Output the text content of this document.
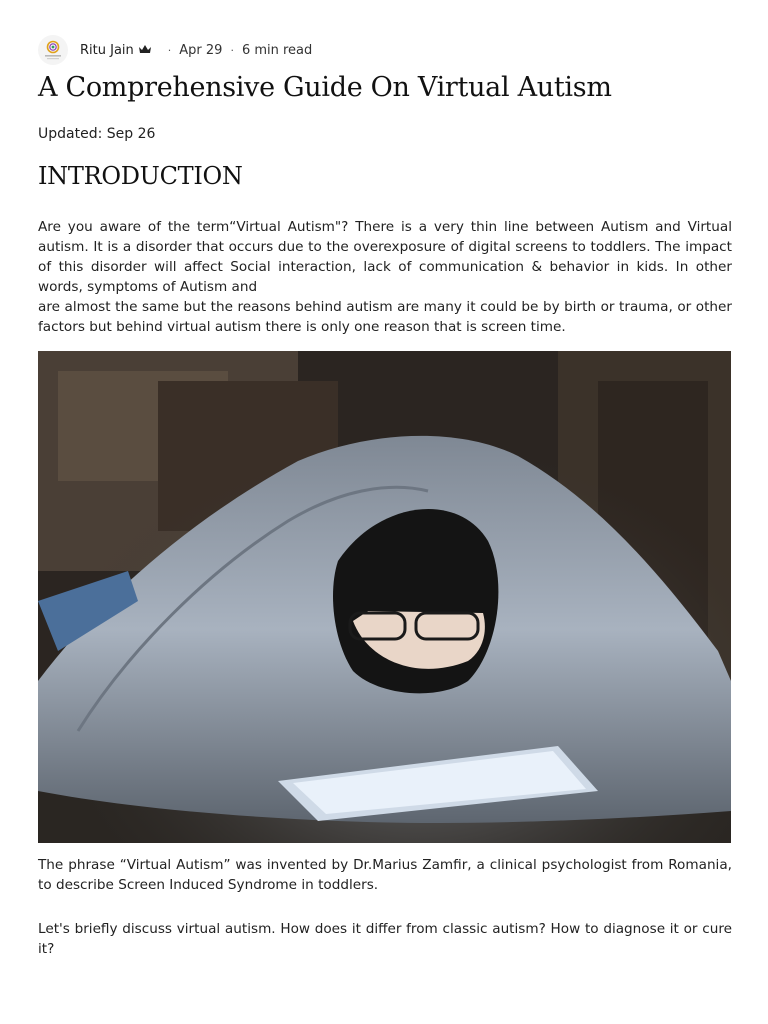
Ritu Jain	· Apr 29 · 6 min read
A Comprehensive Guide On Virtual Autism
Updated: Sep 26
INTRODUCTION

Are you aware of the term“Virtual Autism"? There is a very thin line between Autism and Virtual autism. It is a disorder that occurs due to the overexposure of digital screens to toddlers. The impact of this disorder will affect Social interaction, lack of communication & behavior in kids. In other words, symptoms of Autism and

are almost the same but the reasons behind autism are many it could be by birth or trauma, or other factors but behind virtual autism there is only one reason that is screen time.

The phrase “Virtual Autism” was invented by Dr.Marius Zamfir, a clinical psychologist from Romania, to describe Screen Induced Syndrome in toddlers.

Let's briefly discuss virtual autism. How does it differ from classic autism? How to diagnose it or cure it?
